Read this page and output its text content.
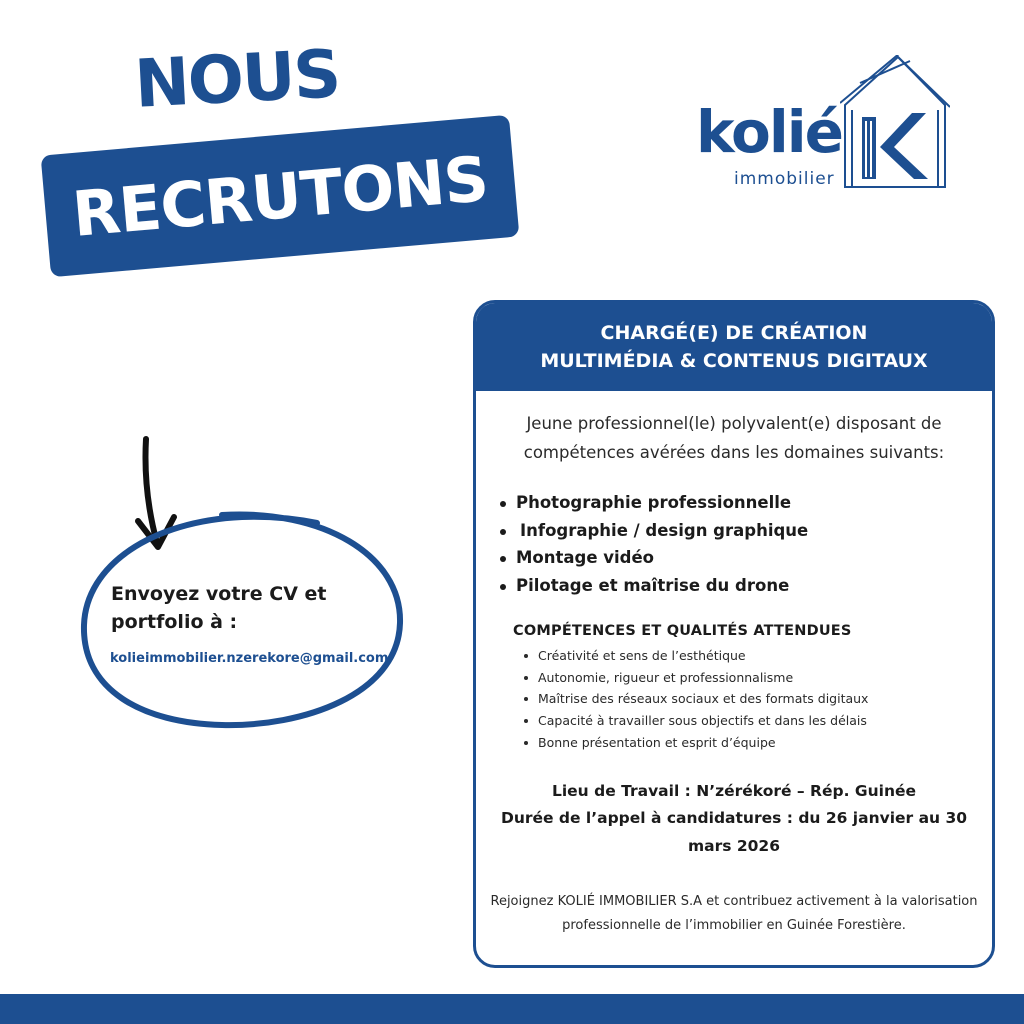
NOUS
RECRUTONS
kolié
immobilier
Envoyez votre CV et portfolio à :
kolieimmobilier.nzerekore@gmail.com
CHARGÉ(E) DE CRÉATION
MULTIMÉDIA & CONTENUS DIGITAUX
Jeune professionnel(le) polyvalent(e) disposant de compétences avérées dans les domaines suivants:
Photographie professionnelle
Infographie / design graphique
Montage vidéo
Pilotage et maîtrise du drone
COMPÉTENCES ET QUALITÉS ATTENDUES
Créativité et sens de l’esthétique
Autonomie, rigueur et professionnalisme
Maîtrise des réseaux sociaux et des formats digitaux
Capacité à travailler sous objectifs et dans les délais
Bonne présentation et esprit d’équipe
Lieu de Travail : N’zérékoré – Rép. Guinée
Durée de l’appel à candidatures : du 26 janvier au 30 mars 2026
Rejoignez KOLIÉ IMMOBILIER S.A et contribuez activement à la valorisation professionnelle de l’immobilier en Guinée Forestière.
